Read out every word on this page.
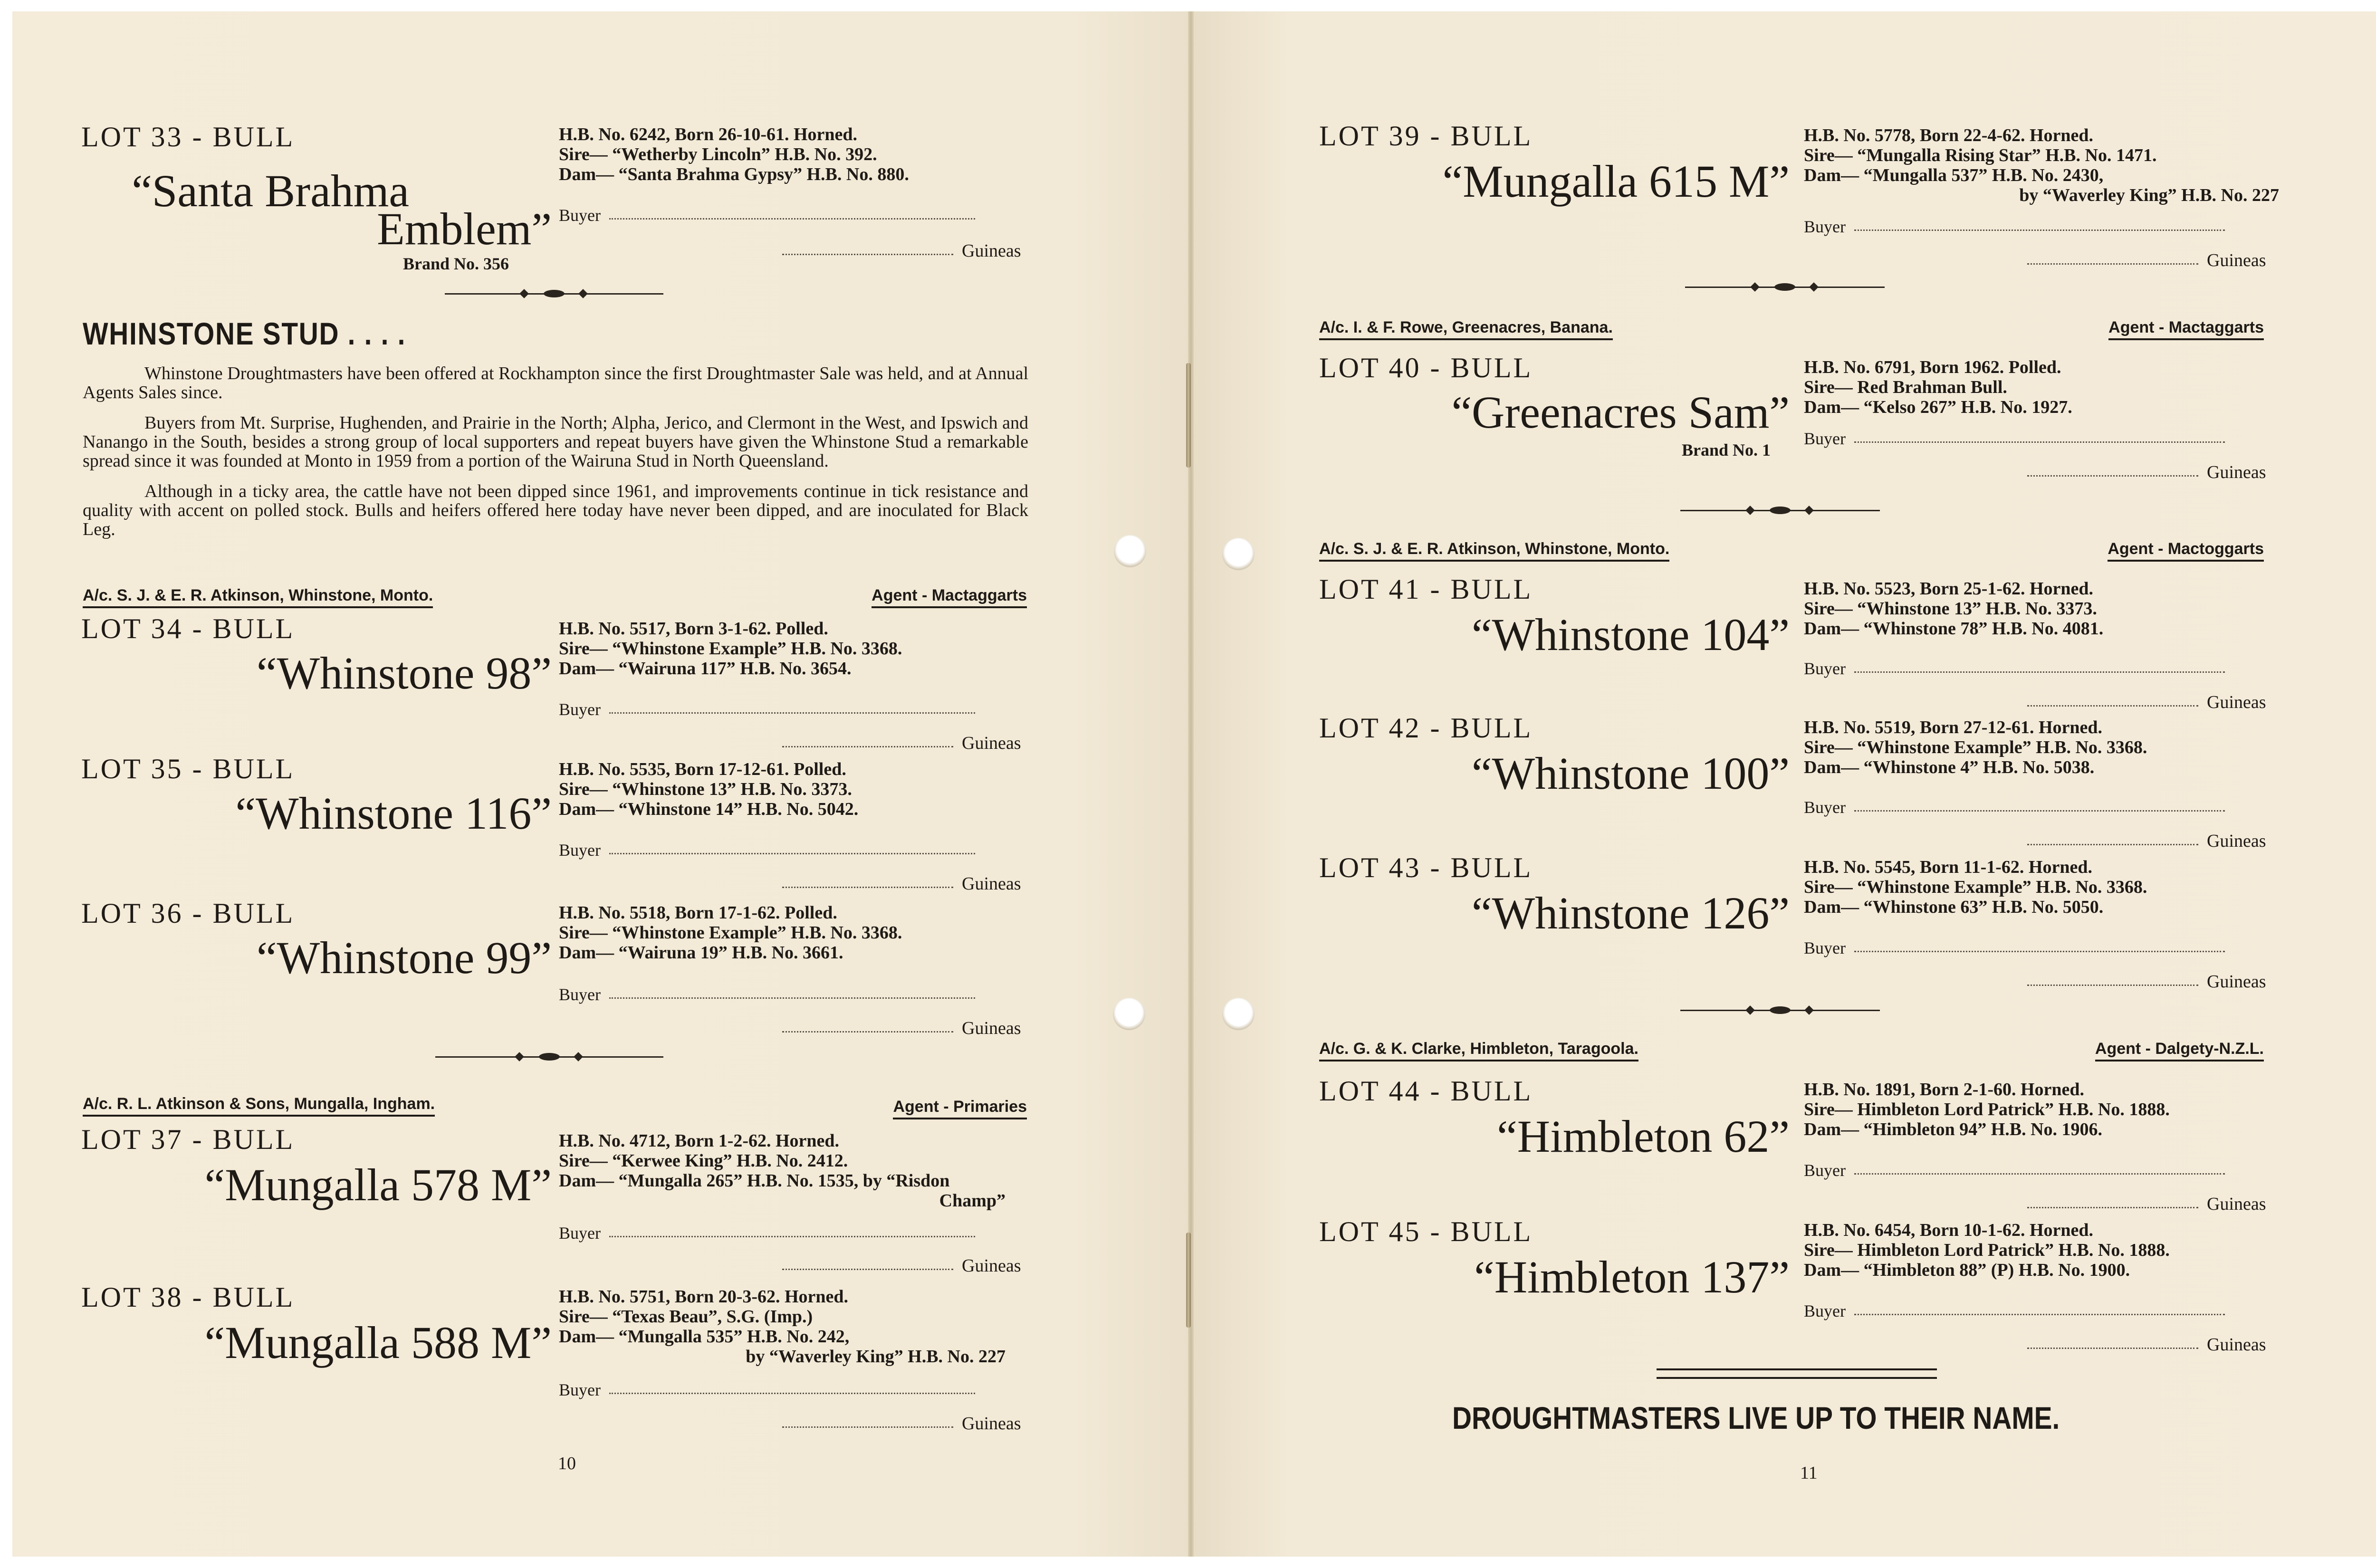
LOT 33 - BULL
“Santa Brahma
Emblem”
Brand No. 356
H.B. No. 6242, Born 26-10-61. Horned.
Sire— “Wetherby Lincoln” H.B. No. 392.
Dam— “Santa Brahma Gypsy” H.B. No. 880.
Buyer
Guineas
WHINSTONE STUD . . . .

Whinstone Droughtmasters have been offered at Rockhampton since the first Droughtmaster Sale was held, and at Annual Agents Sales since.

Buyers from Mt. Surprise, Hughenden, and Prairie in the North; Alpha, Jerico, and Clermont in the West, and Ipswich and Nanango in the South, besides a strong group of local supporters and repeat buyers have given the Whinstone Stud a remarkable spread since it was founded at Monto in 1959 from a portion of the Wairuna Stud in North Queensland.

Although in a ticky area, the cattle have not been dipped since 1961, and improvements continue in tick resistance and quality with accent on polled stock. Bulls and heifers offered here today have never been dipped, and are inoculated for Black Leg.

A/c. S. J. & E. R. Atkinson, Whinstone, Monto.	Agent - Mactaggarts
LOT 34 - BULL
“Whinstone 98”
H.B. No. 5517, Born 3-1-62. Polled.
Sire— “Whinstone Example” H.B. No. 3368.
Dam— “Wairuna 117” H.B. No. 3654.
Buyer
Guineas
LOT 35 - BULL
“Whinstone 116”
H.B. No. 5535, Born 17-12-61. Polled.
Sire— “Whinstone 13” H.B. No. 3373.
Dam— “Whinstone 14” H.B. No. 5042.
Buyer
Guineas
LOT 36 - BULL
“Whinstone 99”
H.B. No. 5518, Born 17-1-62. Polled.
Sire— “Whinstone Example” H.B. No. 3368.
Dam— “Wairuna 19” H.B. No. 3661.
Buyer
Guineas
A/c. R. L. Atkinson & Sons, Mungalla, Ingham.	Agent - Primaries
LOT 37 - BULL
“Mungalla 578 M”
H.B. No. 4712, Born 1-2-62. Horned.
Sire— “Kerwee King” H.B. No. 2412.
Dam— “Mungalla 265” H.B. No. 1535, by “Risdon
Champ”
Buyer
Guineas
LOT 38 - BULL
“Mungalla 588 M”
H.B. No. 5751, Born 20-3-62. Horned.
Sire— “Texas Beau”, S.G. (Imp.)
Dam— “Mungalla 535” H.B. No. 242,
by “Waverley King” H.B. No. 227
Buyer
Guineas
10
LOT 39 - BULL
“Mungalla 615 M”
H.B. No. 5778, Born 22-4-62. Horned.
Sire— “Mungalla Rising Star” H.B. No. 1471.
Dam— “Mungalla 537” H.B. No. 2430,
by “Waverley King” H.B. No. 227
Buyer
Guineas
A/c. I. & F. Rowe, Greenacres, Banana.	Agent - Mactaggarts
LOT 40 - BULL
“Greenacres Sam”
Brand No. 1
H.B. No. 6791, Born 1962. Polled.
Sire— Red Brahman Bull.
Dam— “Kelso 267” H.B. No. 1927.
Buyer
Guineas
A/c. S. J. & E. R. Atkinson, Whinstone, Monto.	Agent - Mactoggarts
LOT 41 - BULL
“Whinstone 104”
H.B. No. 5523, Born 25-1-62. Horned.
Sire— “Whinstone 13” H.B. No. 3373.
Dam— “Whinstone 78” H.B. No. 4081.
Buyer
Guineas
LOT 42 - BULL
“Whinstone 100”
H.B. No. 5519, Born 27-12-61. Horned.
Sire— “Whinstone Example” H.B. No. 3368.
Dam— “Whinstone 4” H.B. No. 5038.
Buyer
Guineas
LOT 43 - BULL
“Whinstone 126”
H.B. No. 5545, Born 11-1-62. Horned.
Sire— “Whinstone Example” H.B. No. 3368.
Dam— “Whinstone 63” H.B. No. 5050.
Buyer
Guineas
A/c. G. & K. Clarke, Himbleton, Taragoola.	Agent - Dalgety-N.Z.L.
LOT 44 - BULL
“Himbleton 62”
H.B. No. 1891, Born 2-1-60. Horned.
Sire— Himbleton Lord Patrick” H.B. No. 1888.
Dam— “Himbleton 94” H.B. No. 1906.
Buyer
Guineas
LOT 45 - BULL
“Himbleton 137”
H.B. No. 6454, Born 10-1-62. Horned.
Sire— Himbleton Lord Patrick” H.B. No. 1888.
Dam— “Himbleton 88” (P) H.B. No. 1900.
Buyer
Guineas
DROUGHTMASTERS LIVE UP TO THEIR NAME.
11
